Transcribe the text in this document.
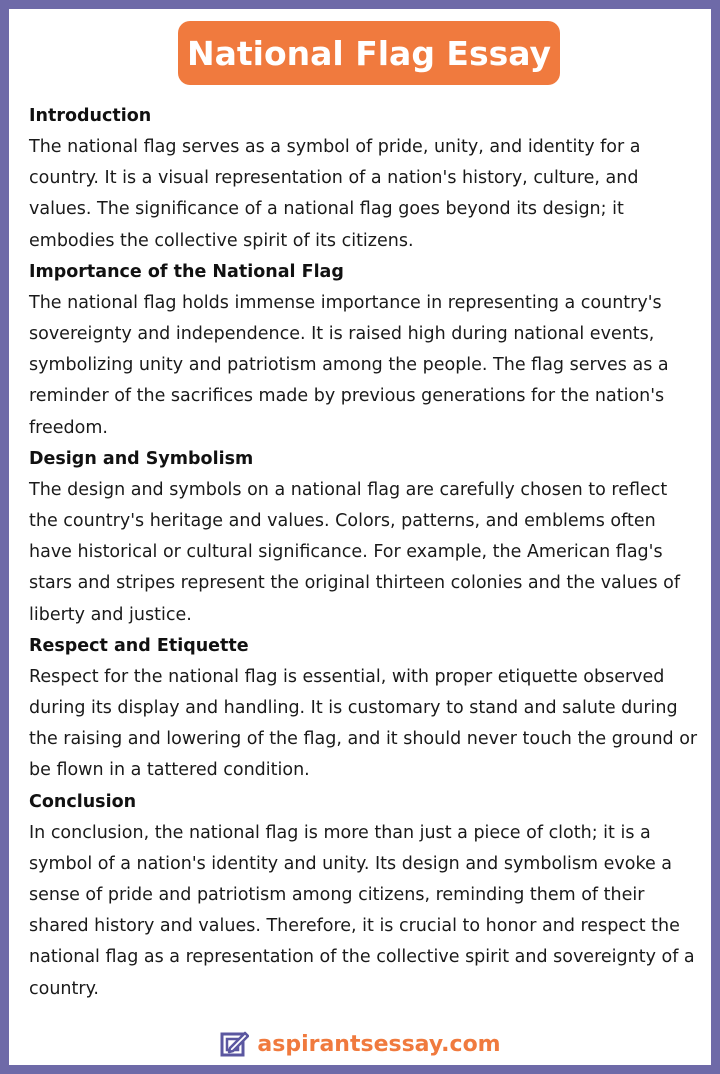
National Flag Essay
Introduction

The national flag serves as a symbol of pride, unity, and identity for a country. It is a visual representation of a nation's history, culture, and values. The significance of a national flag goes beyond its design; it embodies the collective spirit of its citizens.

Importance of the National Flag

The national flag holds immense importance in representing a country's sovereignty and independence. It is raised high during national events, symbolizing unity and patriotism among the people. The flag serves as a reminder of the sacrifices made by previous generations for the nation's freedom.

Design and Symbolism

The design and symbols on a national flag are carefully chosen to reflect the country's heritage and values. Colors, patterns, and emblems often have historical or cultural significance. For example, the American flag's stars and stripes represent the original thirteen colonies and the values of liberty and justice.

Respect and Etiquette

Respect for the national flag is essential, with proper etiquette observed during its display and handling. It is customary to stand and salute during the raising and lowering of the flag, and it should never touch the ground or be flown in a tattered condition.

Conclusion

In conclusion, the national flag is more than just a piece of cloth; it is a symbol of a nation's identity and unity. Its design and symbolism evoke a sense of pride and patriotism among citizens, reminding them of their shared history and values. Therefore, it is crucial to honor and respect the national flag as a representation of the collective spirit and sovereignty of a country.

aspirantsessay.com
